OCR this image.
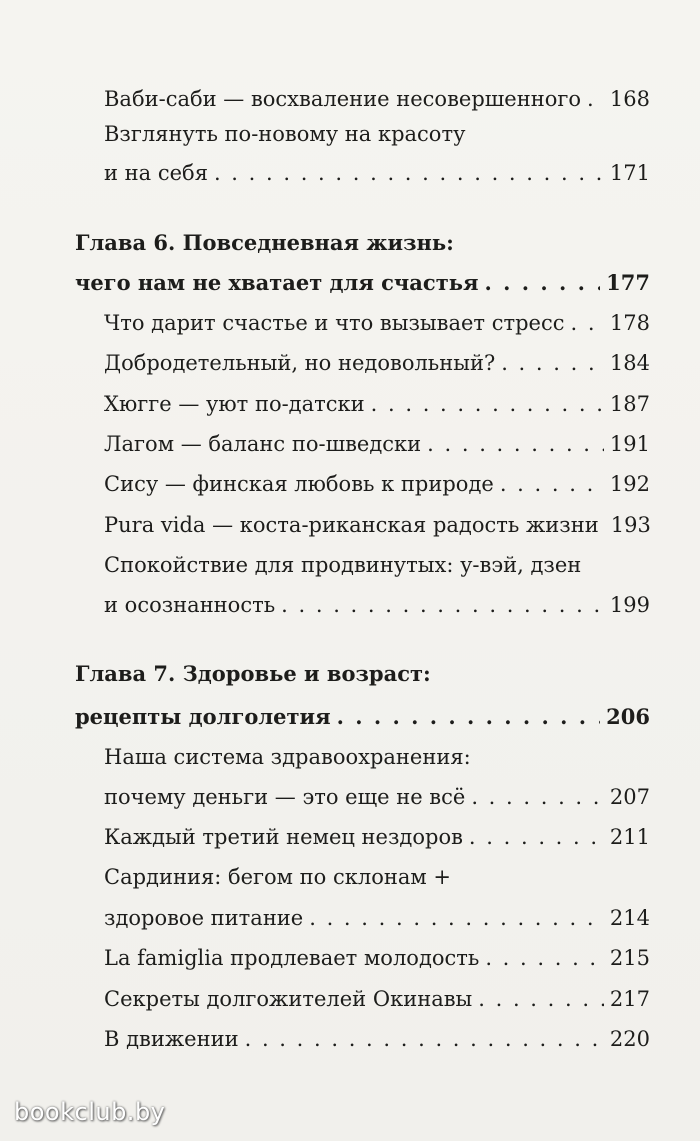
Ваби-саби — восхваление несовершенного . . . 168
Взглянуть по-новому на красоту
и на себя . . .	171
Глава 6. Повседневная жизнь:
чего нам не хватает для счастья . . .	177
Что дарит счастье и что вызывает стресс . . . 178
Добродетельный, но недовольный? . . .	184
Хюгге — уют по-датски . . .	187
Лагом — баланс по-шведски . . .	191
Сису — финская любовь к природе . . .	192
Pura vida — коста-риканская радость жизни 193
Спокойствие для продвинутых: у-вэй, дзен
и осознанность . . .	199
Глава 7. Здоровье и возраст:
рецепты долголетия . . .	206
Наша система здравоохранения:
почему деньги — это еще не всё . . .	207
Каждый третий немец нездоров . . .	211
Сардиния: бегом по склонам +
здоровое питание . . .	214
La famiglia продлевает молодость . . .	215
Секреты долгожителей Окинавы . . .	217
В движении . . .	220
bookclub.by
